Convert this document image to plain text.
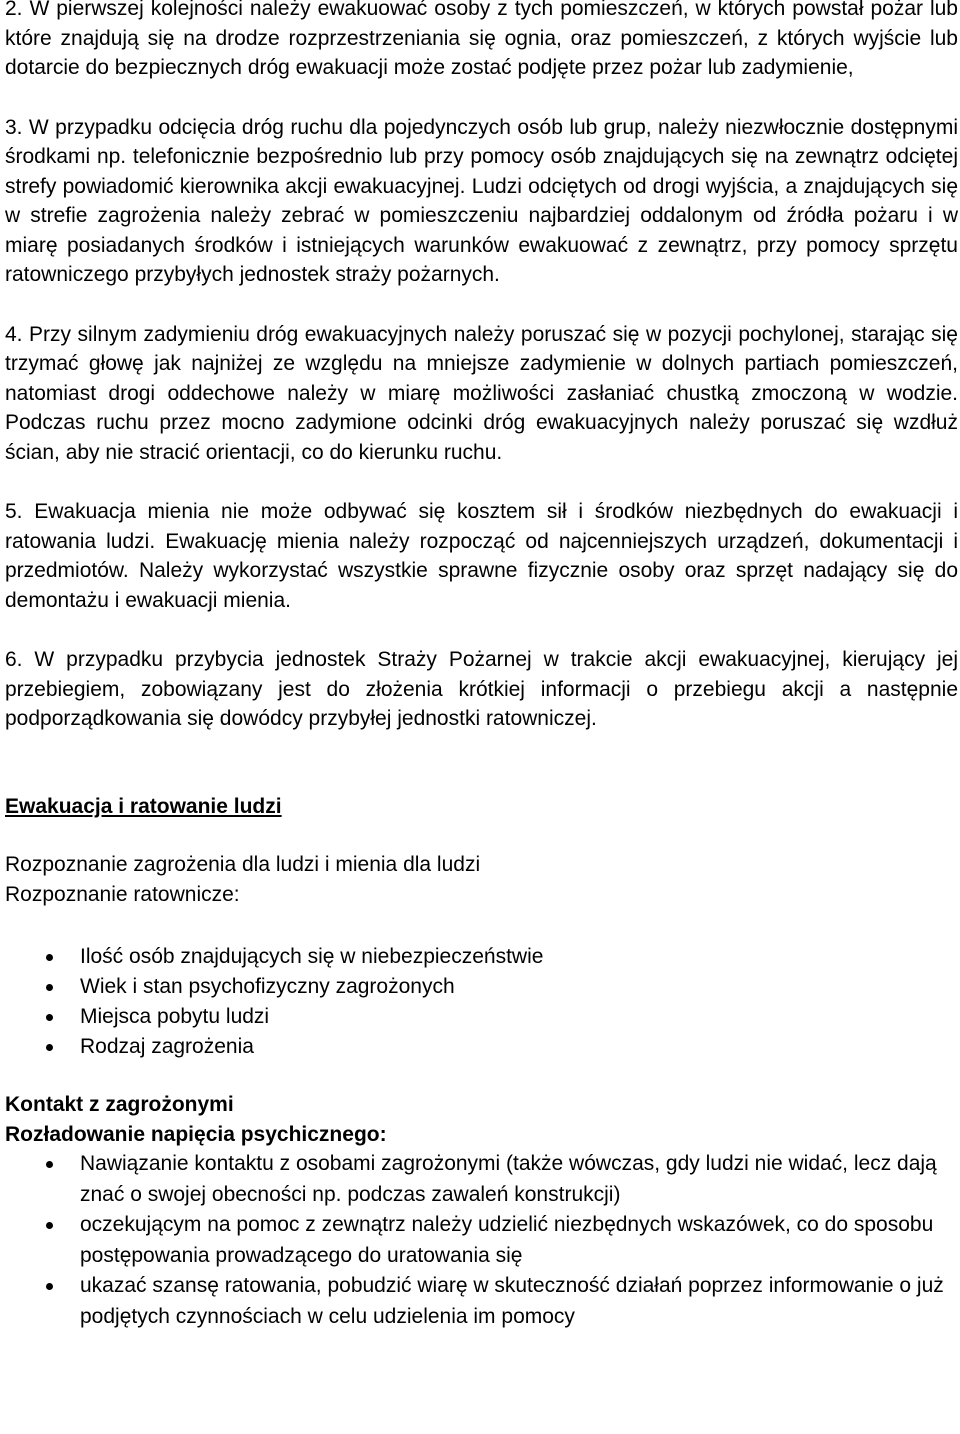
2. W pierwszej kolejności należy ewakuować osoby z tych pomieszczeń, w których powstał pożar lub które znajdują się na drodze rozprzestrzeniania się ognia, oraz pomieszczeń, z których wyjście lub dotarcie do bezpiecznych dróg ewakuacji może zostać podjęte przez pożar lub zadymienie,

3. W przypadku odcięcia dróg ruchu dla pojedynczych osób lub grup, należy niezwłocznie dostępnymi środkami np. telefonicznie bezpośrednio lub przy pomocy osób znajdujących się na zewnątrz odciętej strefy powiadomić kierownika akcji ewakuacyjnej. Ludzi odciętych od drogi wyjścia, a znajdujących się w strefie zagrożenia należy zebrać w pomieszczeniu najbardziej oddalonym od źródła pożaru i w miarę posiadanych środków i istniejących warunków ewakuować z zewnątrz, przy pomocy sprzętu ratowniczego przybyłych jednostek straży pożarnych.

4. Przy silnym zadymieniu dróg ewakuacyjnych należy poruszać się w pozycji pochylonej, starając się trzymać głowę jak najniżej ze względu na mniejsze zadymienie w dolnych partiach pomieszczeń, natomiast drogi oddechowe należy w miarę możliwości zasłaniać chustką zmoczoną w wodzie. Podczas ruchu przez mocno zadymione odcinki dróg ewakuacyjnych należy poruszać się wzdłuż ścian, aby nie stracić orientacji, co do kierunku ruchu.

5. Ewakuacja mienia nie może odbywać się kosztem sił i środków niezbędnych do ewakuacji i ratowania ludzi. Ewakuację mienia należy rozpocząć od najcenniejszych urządzeń, dokumentacji i przedmiotów. Należy wykorzystać wszystkie sprawne fizycznie osoby oraz sprzęt nadający się do demontażu i ewakuacji mienia.

6. W przypadku przybycia jednostek Straży Pożarnej w trakcie akcji ewakuacyjnej, kierujący jej przebiegiem, zobowiązany jest do złożenia krótkiej informacji o przebiegu akcji a następnie podporządkowania się dowódcy przybyłej jednostki ratowniczej.

Ewakuacja i ratowanie ludzi

Rozpoznanie zagrożenia dla ludzi i mienia dla ludzi

Rozpoznanie ratownicze:

Ilość osób znajdujących się w niebezpieczeństwie
Wiek i stan psychofizyczny zagrożonych
Miejsca pobytu ludzi
Rodzaj zagrożenia

Kontakt z zagrożonymi

Rozładowanie napięcia psychicznego:

Nawiązanie kontaktu z osobami zagrożonymi (także wówczas, gdy ludzi nie widać, lecz dają znać o swojej obecności np. podczas zawaleń konstrukcji)
oczekującym na pomoc z zewnątrz należy udzielić niezbędnych wskazówek, co do sposobu postępowania prowadzącego do uratowania się
ukazać szansę ratowania, pobudzić wiarę w skuteczność działań poprzez informowanie o już podjętych czynnościach w celu udzielenia im pomocy
